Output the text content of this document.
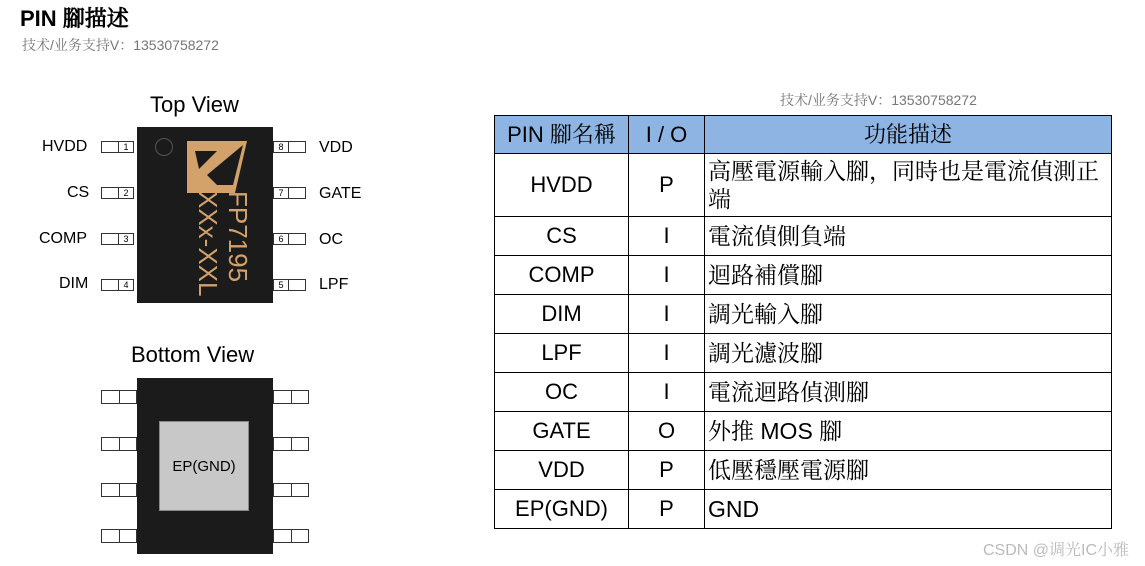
PIN 腳描述
技术/业务支持V：13530758272
Top View
FP7195
XXx-XXL
1
2
3
4
8
7
6
5
HVDD
CS
COMP
DIM
VDD
GATE
OC
LPF
Bottom View
EP(GND)
技术/业务支持V：13530758272
PIN 腳名稱	I / O	功能描述
HVDD	P	高壓電源輸入腳，同時也是電流偵測正端
CS	I	電流偵側負端
COMP	I	迴路補償腳
DIM	I	調光輸入腳
LPF	I	調光濾波腳
OC	I	電流迴路偵測腳
GATE	O	外推 MOS 腳
VDD	P	低壓穩壓電源腳
EP(GND)	P	GND
CSDN @调光IC小雅
